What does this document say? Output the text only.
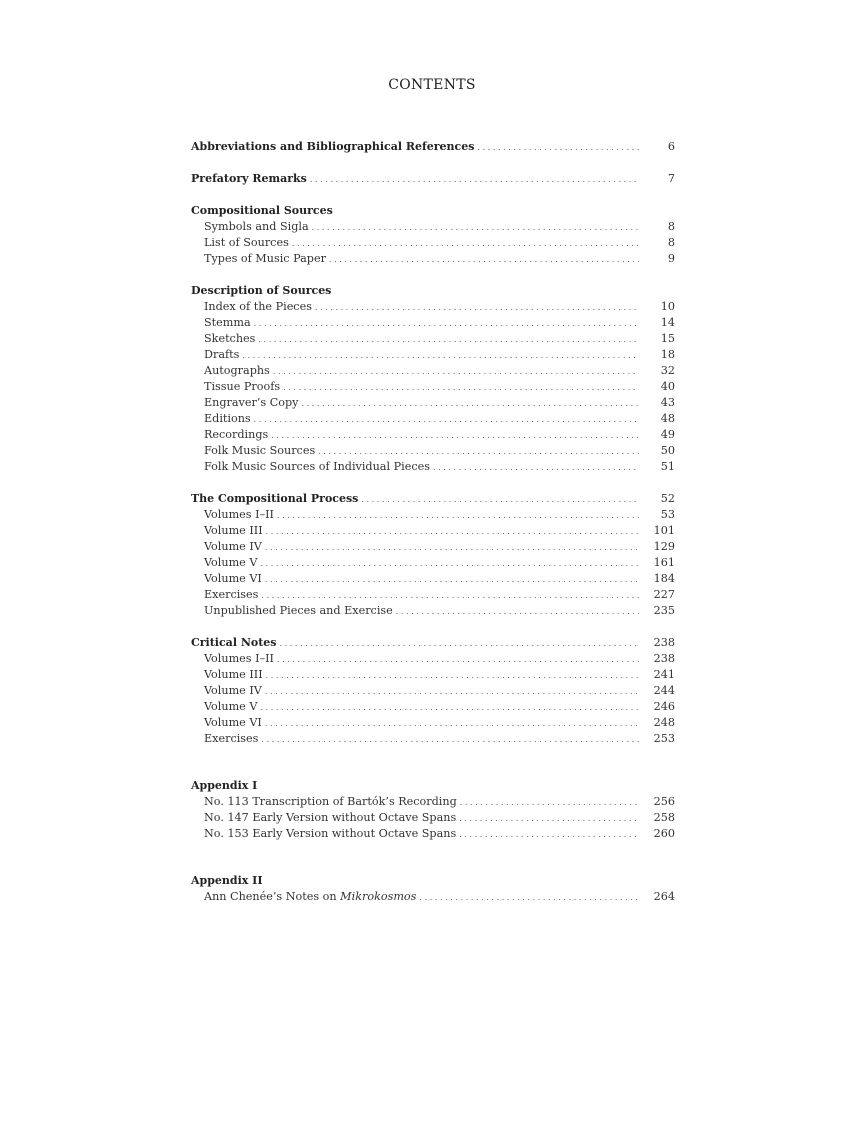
CONTENTS
Abbreviations and Bibliographical References .....	6
Prefatory Remarks .....	7
Compositional Sources
Symbols and Sigla .....	8
List of Sources .....	8
Types of Music Paper .....	9
Description of Sources
Index of the Pieces .....	10
Stemma .....	14
Sketches .....	15
Drafts .....	18
Autographs .....	32
Tissue Proofs .....	40
Engraver’s Copy .....	43
Editions .....	48
Recordings .....	49
Folk Music Sources .....	50
Folk Music Sources of Individual Pieces .....	51
The Compositional Process .....	52
Volumes I–II .....	53
Volume III .....	101
Volume IV .....	129
Volume V .....	161
Volume VI .....	184
Exercises .....	227
Unpublished Pieces and Exercise .....	235
Critical Notes .....	238
Volumes I–II .....	238
Volume III .....	241
Volume IV .....	244
Volume V .....	246
Volume VI .....	248
Exercises .....	253
Appendix I
No. 113 Transcription of Bartók’s Recording .....	256
No. 147 Early Version without Octave Spans .....	258
No. 153 Early Version without Octave Spans .....	260
Appendix II
Ann Chenée’s Notes on Mikrokosmos .....	264
